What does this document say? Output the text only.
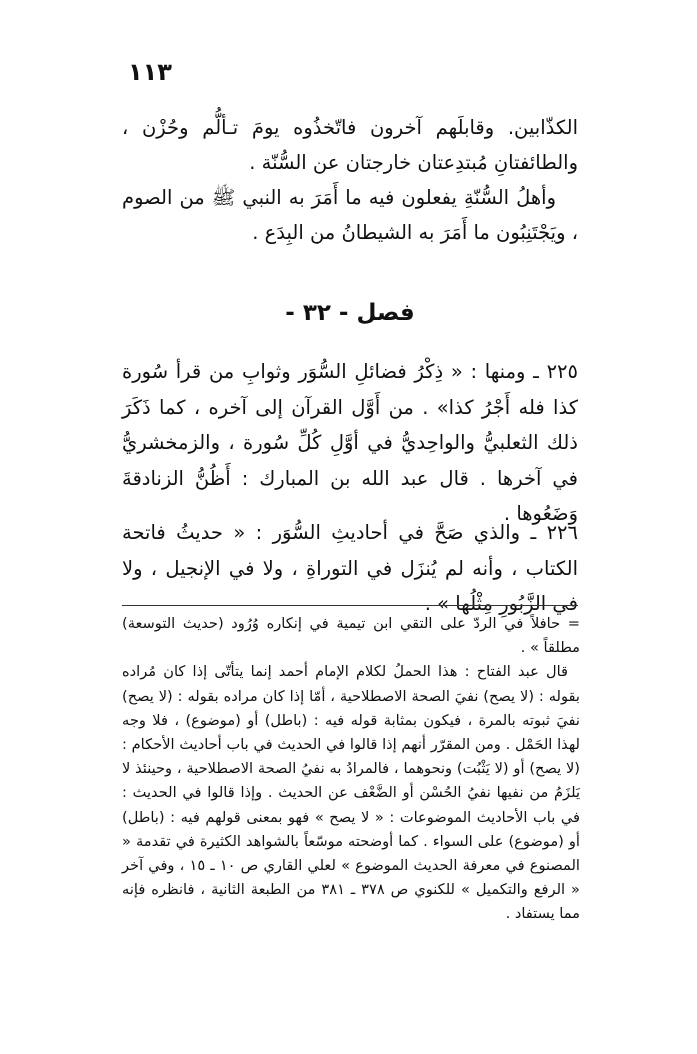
١١٣

الكذّابين. وقابلَهم آخرون فاتّخذُوه يومَ تـألُّم وحُزْن ، والطائفتانِ مُبتدِعتان خارجتان عن السُّنّة .

وأهلُ السُّنّةِ يفعلون فيه ما أَمَرَ به النبي ﷺ من الصوم ، ويَجْتَنِبُون ما أَمَرَ به الشيطانُ من البِدَع .

فصل - ٣٢ -

٢٢٥ ـ ومنها : « ذِكْرُ فضائلِ السُّوَر وثوابِ من قرأ سُورة كذا فله أَجْرُ كذا» . من أَوَّل القرآن إلى آخره ، كما ذَكَرَ ذلك الثعلبيُّ والواحِديُّ في أوَّلِ كُلِّ سُورة ، والزمخشريُّ في آخرها . قال عبد الله بن المبارك : أَظُنُّ الزنادقةَ وَضَعُوها .

٢٢٦ ـ والذي صَحَّ في أحاديثِ السُّوَر : « حديثُ فاتحة الكتاب ، وأنه لم يُنزَل في التوراةِ ، ولا في الإنجيل ، ولا في الزَّبُورِ مِثْلُها » .

= حافلاً في الردّ على التقي ابن تيمية في إنكاره وُرُود (حديث التوسعة) مطلقاً » .

قال عبد الفتاح : هذا الحملُ لكلام الإمام أحمد إنما يتأتّى إذا كان مُراده بقوله : (لا يصح) نفيَ الصحة الاصطلاحية ، أمّا إذا كان مراده بقوله : (لا يصح) نفيَ ثبوته بالمرة ، فيكون بمثابة قوله فيه : (باطل) أو (موضوع) ، فلا وجه لهذا الحَمْل . ومن المقرّر أنهم إذا قالوا في الحديث في باب أحاديث الأحكام : (لا يصح) أو (لا يَثْبُت) ونحوهما ، فالمرادُ به نفيُ الصحة الاصطلاحية ، وحينئذ لا يَلزَمُ من نفيها نفيُ الحُسْن أو الضَّعْف عن الحديث . وإذا قالوا في الحديث : في باب الأحاديث الموضوعات : « لا يصح » فهو بمعنى قولهم فيه : (باطل) أو (موضوع) على السواء . كما أوضحته موسّعاً بالشواهد الكثيرة في تقدمة « المصنوع في معرفة الحديث الموضوع » لعلي القاري ص ١٠ ـ ١٥ ، وفي آخر « الرفع والتكميل » للكنوي ص ٣٧٨ ـ ٣٨١ من الطبعة الثانية ، فانظره فإنه مما يستفاد .
